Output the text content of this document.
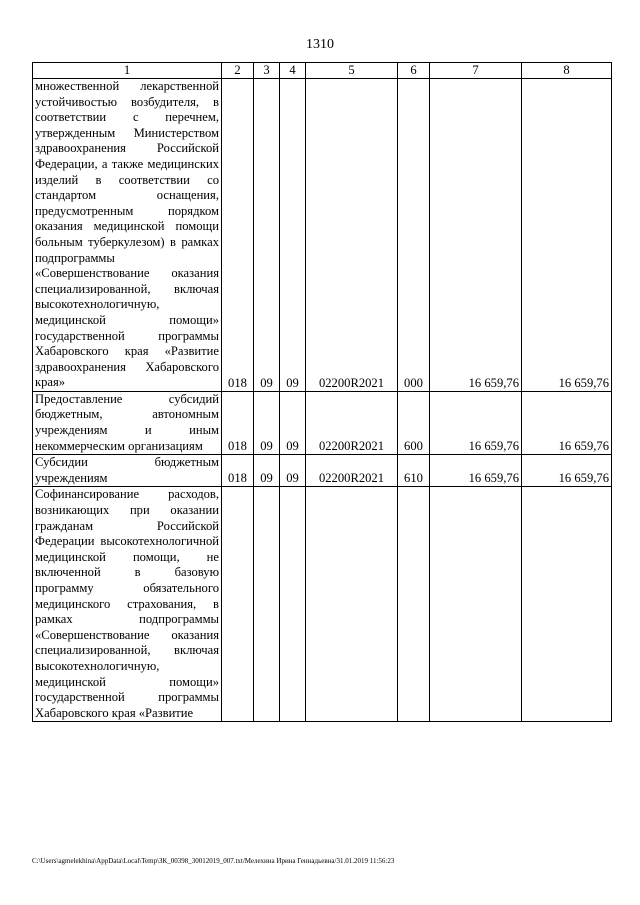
1310
1	2	3	4	5	6	7	8
множественной лекарственной устойчивостью возбудителя, в соответствии с перечнем, утвержденным Министерством здравоохранения Российской Федерации, а также медицинских изделий в соответствии со стандартом оснащения, предусмотренным порядком оказания медицинской помощи больным туберкулезом) в рамках подпрограммы «Совершенствование оказания специализированной, включая высокотехнологичную, медицинской помощи» государственной программы Хабаровского края «Развитие здравоохранения Хабаровского края»	018	09	09	02200R2021	000	16 659,76	16 659,76
Предоставление субсидий бюджетным, автономным учреждениям и иным некоммерческим организациям	018	09	09	02200R2021	600	16 659,76	16 659,76
Субсидии бюджетным учреждениям	018	09	09	02200R2021	610	16 659,76	16 659,76
Софинансирование расходов, возникающих при оказании гражданам Российской Федерации высокотехнологичной медицинской помощи, не включенной в базовую программу обязательного медицинского страхования, в рамках подпрограммы «Совершенствование оказания специализированной, включая высокотехнологичную, медицинской помощи» государственной программы Хабаровского края «Развитие							
C:\Users\agmelekhina\AppData\Local\Temp\ЗК_00398_30012019_007.txt/Мелехина Ирина Геннадьевна/31.01.2019 11:56:23
